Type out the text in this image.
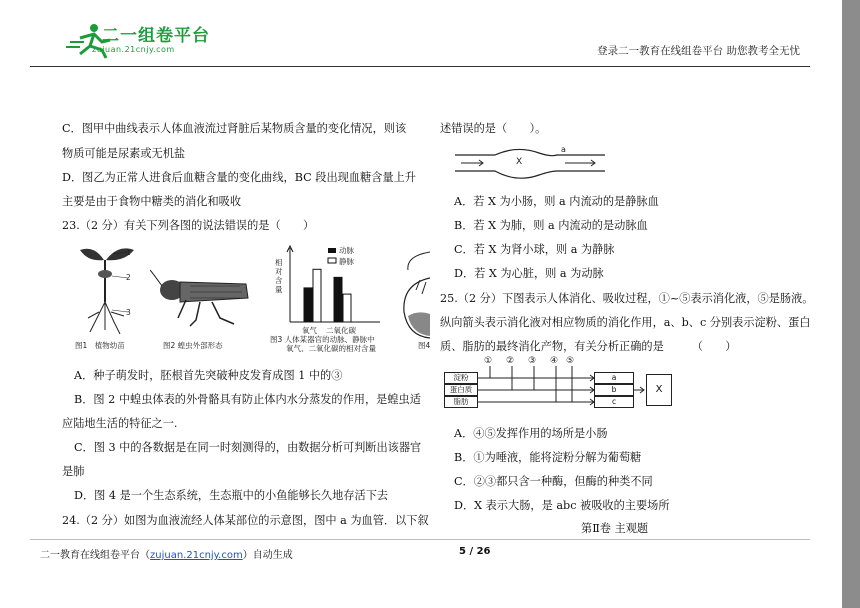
二一组卷平台
zujuan.21cnjy.com	登录二一教育在线组卷平台 助您教考全无忧
C．图甲中曲线表示人体血液流过肾脏后某物质含量的变化情况，则该
物质可能是尿素或无机盐
D．图乙为正常人进食后血糖含量的变化曲线，BC 段出现血糖含量上升
主要是由于食物中糖类的消化和吸收
23.（2 分）有关下列各图的说法错误的是（　　）
1
2
3
图1　植物幼苗	图2 蝗虫外部形态
动脉
静脉
相对含量
氧气 二氧化碳
图3 人体某器官的动脉、静脉中
氧气、二氧化碳的相对含量	图4
A．种子萌发时，胚根首先突破种皮发育成图 1 中的③
B．图 2 中蝗虫体表的外骨骼具有防止体内水分蒸发的作用，是蝗虫适
应陆地生活的特征之一.
C．图 3 中的各数据是在同一时刻测得的，由数据分析可判断出该器官
是肺
D．图 4 是一个生态系统，生态瓶中的小鱼能够长久地存活下去
24.（2 分）如图为血液流经人体某部位的示意图，图中 a 为血管．以下叙
述错误的是（　　）。
X
a
A．若 X 为小肠，则 a 内流动的是静脉血
B．若 X 为肺，则 a 内流动的是动脉血
C．若 X 为肾小球，则 a 为静脉
D．若 X 为心脏，则 a 为动脉
25.（2 分）下图表示人体消化、吸收过程，①~⑤表示消化液，⑤是肠液。
纵向箭头表示消化液对相应物质的消化作用，a、b、c 分别表示淀粉、蛋白
质、脂肪的最终消化产物，有关分析正确的是　　　（　　）
淀粉
蛋白质
脂肪
① ② ③ ④ ⑤
a
b
c
X
A．④⑤发挥作用的场所是小肠
B．①为唾液，能将淀粉分解为葡萄糖
C．②③都只含一种酶，但酶的种类不同
D．X 表示大肠，是 abc 被吸收的主要场所
第Ⅱ卷 主观题
二一教育在线组卷平台（zujuan.21cnjy.com）自动生成	5 / 26
